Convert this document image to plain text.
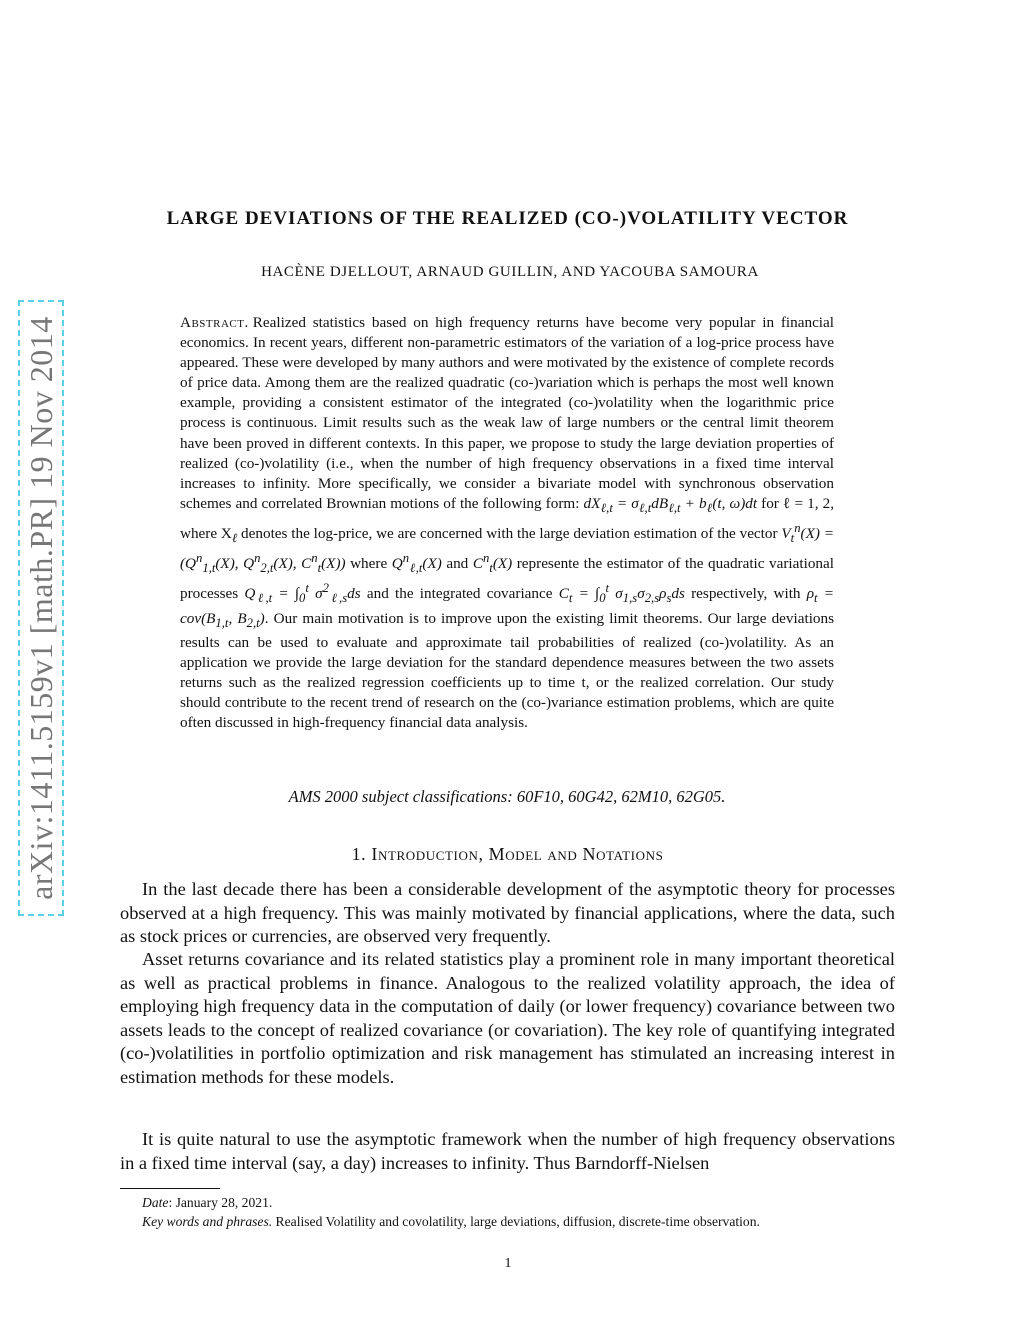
arXiv:1411.5159v1 [math.PR] 19 Nov 2014
LARGE DEVIATIONS OF THE REALIZED (CO-)VOLATILITY VECTOR
HACÈNE DJELLOUT, ARNAUD GUILLIN, AND YACOUBA SAMOURA
Abstract. Realized statistics based on high frequency returns have become very popular in financial economics. In recent years, different non-parametric estimators of the variation of a log-price process have appeared. These were developed by many authors and were motivated by the existence of complete records of price data. Among them are the realized quadratic (co-)variation which is perhaps the most well known example, providing a consistent estimator of the integrated (co-)volatility when the logarithmic price process is continuous. Limit results such as the weak law of large numbers or the central limit theorem have been proved in different contexts. In this paper, we propose to study the large deviation properties of realized (co-)volatility (i.e., when the number of high frequency observations in a fixed time interval increases to infinity. More specifically, we consider a bivariate model with synchronous observation schemes and correlated Brownian motions of the following form: $dX_{\ell,t} = \sigma_{\ell,t}dB_{\ell,t} + b_\ell(t$, ω)dt for ℓ = 1, 2, where $X_\ell$ denotes the log-price, we are concerned with the large deviation estimation of the vector $V_t^n(X) = (Q^n_{1,t}(X)$, $Q^n_{2,t}(X)$, $C^n_t(X)$) where $Q^n_{\ell,t}(X)$ and $C^n_t(X)$ represente the estimator of the quadratic variational processes $Q_{\ell,t} = \int_0^t$ $\sigma^2_{\ell,s}ds$ and the integrated covariance $C_t = \int_0^t$ $\sigma_{1,s}\sigma_{2,s}\rho_sds$ respectively, with $\rho_t = cov(B_{1,t}$, $B_{2,t}$). Our main motivation is to improve upon the existing limit theorems. Our large deviations results can be used to evaluate and approximate tail probabilities of realized (co-)volatility. As an application we provide the large deviation for the standard dependence measures between the two assets returns such as the realized regression coefficients up to time t, or the realized correlation. Our study should contribute to the recent trend of research on the (co-)variance estimation problems, which are quite often discussed in high-frequency financial data analysis.
AMS 2000 subject classifications: 60F10, 60G42, 62M10, 62G05.
1. Introduction, Model and Notations

In the last decade there has been a considerable development of the asymptotic theory for processes observed at a high frequency. This was mainly motivated by financial applications, where the data, such as stock prices or currencies, are observed very frequently.

Asset returns covariance and its related statistics play a prominent role in many important theoretical as well as practical problems in finance. Analogous to the realized volatility approach, the idea of employing high frequency data in the computation of daily (or lower frequency) covariance between two assets leads to the concept of realized covariance (or covariation). The key role of quantifying integrated (co-)volatilities in portfolio optimization and risk management has stimulated an increasing interest in estimation methods for these models.

It is quite natural to use the asymptotic framework when the number of high frequency observations in a fixed time interval (say, a day) increases to infinity. Thus Barndorff-Nielsen

Date: January 28, 2021.

Key words and phrases. Realised Volatility and covolatility, large deviations, diffusion, discrete-time observation.

1
